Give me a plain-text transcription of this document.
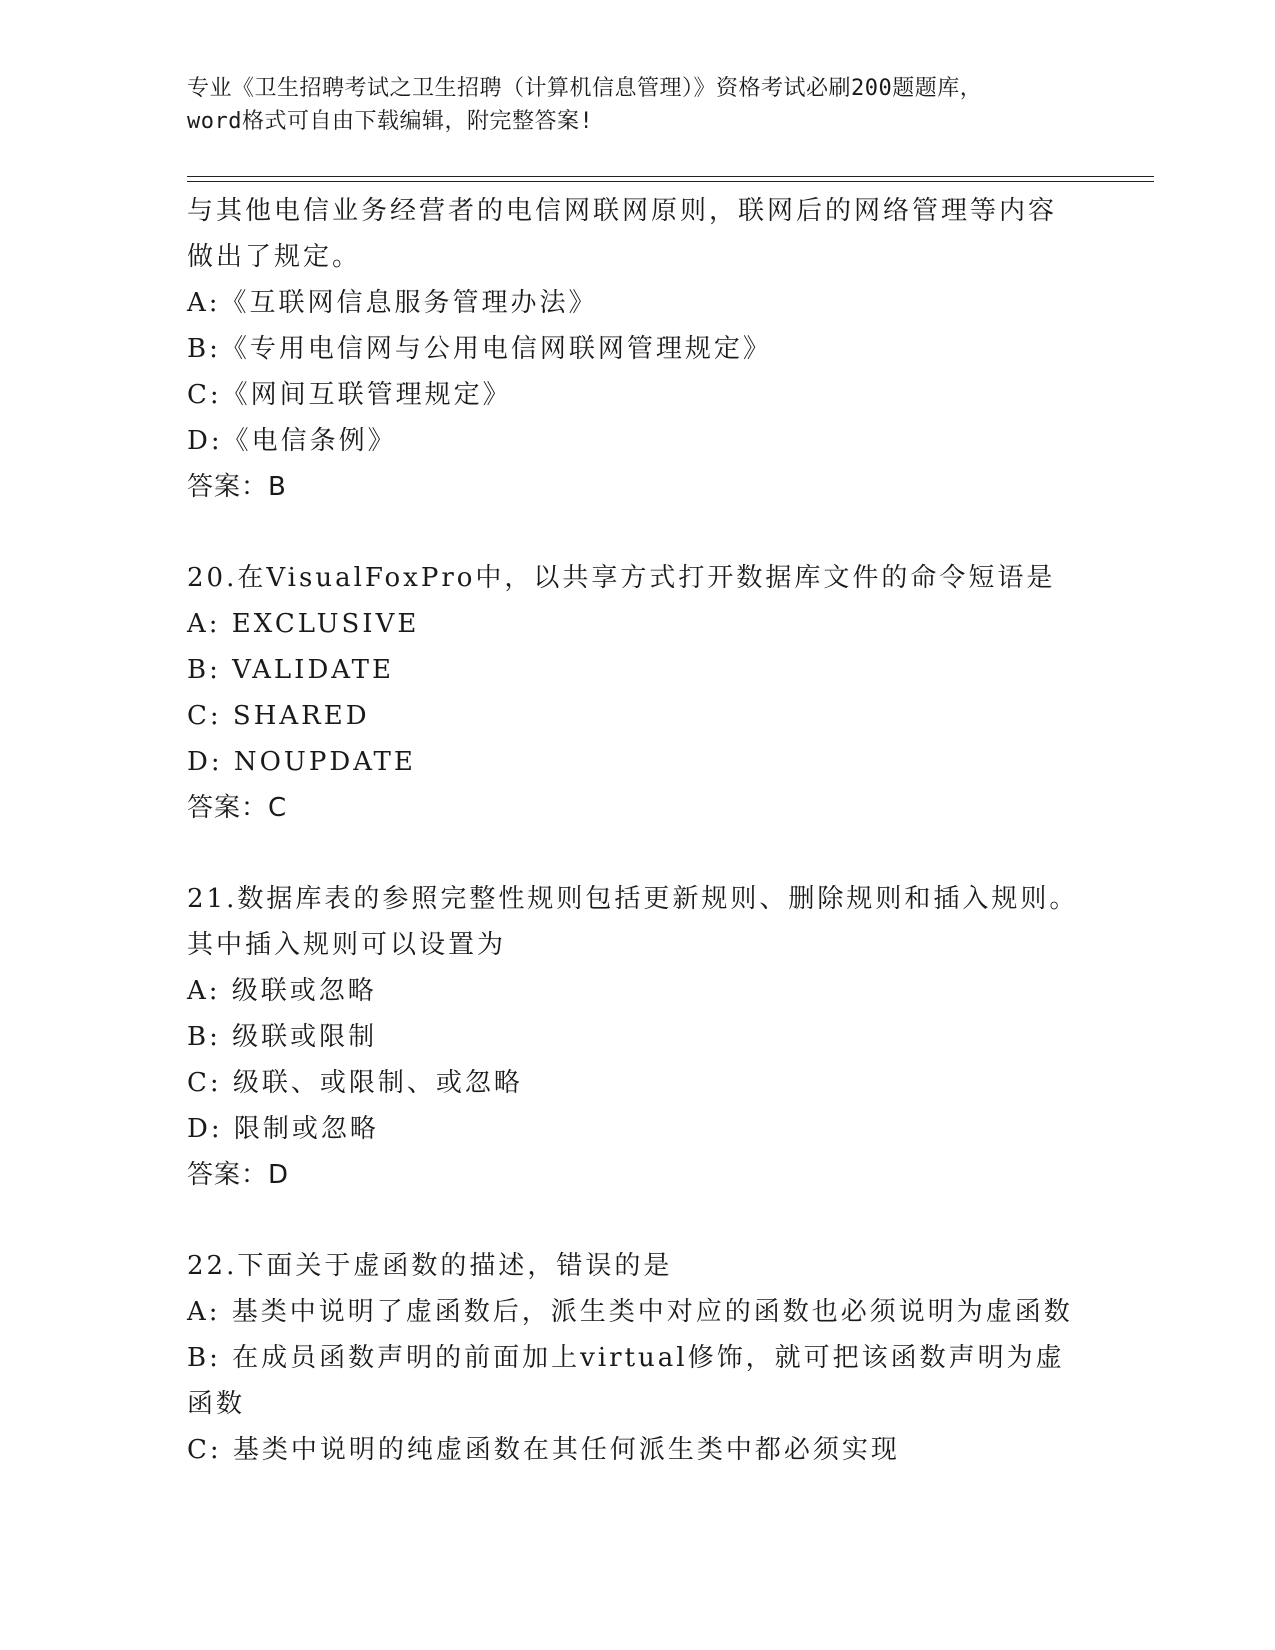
专业《卫生招聘考试之卫生招聘（计算机信息管理）》资格考试必刷200题题库，
word格式可自由下载编辑，附完整答案!
与其他电信业务经营者的电信网联网原则，联网后的网络管理等内容
做出了规定。
A:《互联网信息服务管理办法》
B:《专用电信网与公用电信网联网管理规定》
C:《网间互联管理规定》
D:《电信条例》
答案：B
20.在VisualFoxPro中，以共享方式打开数据库文件的命令短语是
A: EXCLUSIVE
B: VALIDATE
C: SHARED
D: NOUPDATE
答案：C
21.数据库表的参照完整性规则包括更新规则、删除规则和插入规则。
其中插入规则可以设置为
A: 级联或忽略
B: 级联或限制
C: 级联、或限制、或忽略
D: 限制或忽略
答案：D
22.下面关于虚函数的描述，错误的是
A: 基类中说明了虚函数后，派生类中对应的函数也必须说明为虚函数
B: 在成员函数声明的前面加上virtual修饰，就可把该函数声明为虚
函数
C: 基类中说明的纯虚函数在其任何派生类中都必须实现
